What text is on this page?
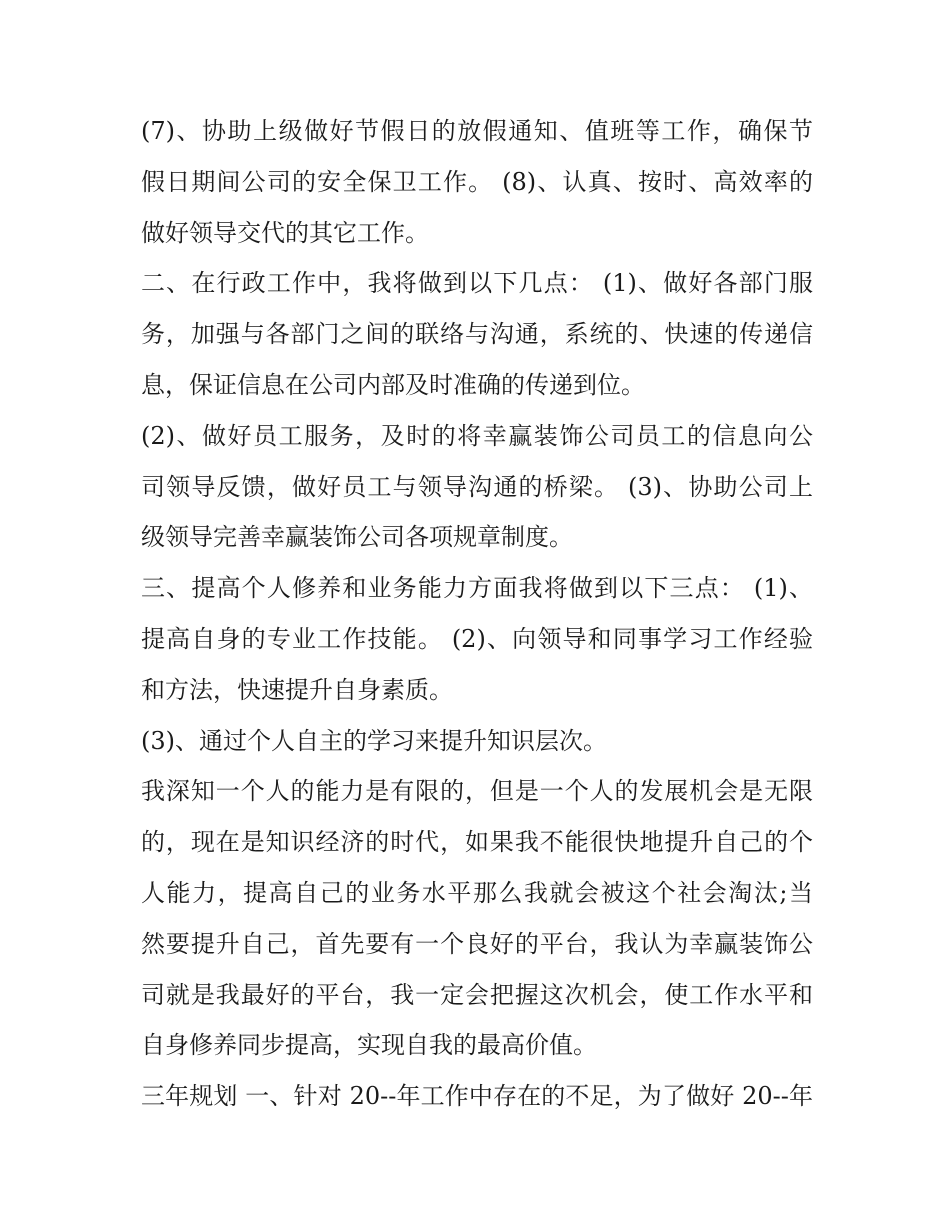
(7)、协助上级做好节假日的放假通知、值班等工作，确保节
假日期间公司的安全保卫工作。 (8)、认真、按时、高效率的
做好领导交代的其它工作。
二、在行政工作中，我将做到以下几点： (1)、做好各部门服
务，加强与各部门之间的联络与沟通，系统的、快速的传递信
息，保证信息在公司内部及时准确的传递到位。
(2)、做好员工服务，及时的将幸赢装饰公司员工的信息向公
司领导反馈，做好员工与领导沟通的桥梁。 (3)、协助公司上
级领导完善幸赢装饰公司各项规章制度。
三、提高个人修养和业务能力方面我将做到以下三点： (1)、
提高自身的专业工作技能。 (2)、向领导和同事学习工作经验
和方法，快速提升自身素质。
(3)、通过个人自主的学习来提升知识层次。
我深知一个人的能力是有限的，但是一个人的发展机会是无限
的，现在是知识经济的时代，如果我不能很快地提升自己的个
人能力，提高自己的业务水平那么我就会被这个社会淘汰;当
然要提升自己，首先要有一个良好的平台，我认为幸赢装饰公
司就是我最好的平台，我一定会把握这次机会，使工作水平和
自身修养同步提高，实现自我的最高价值。
三年规划 一、针对 20--年工作中存在的不足，为了做好 20--年
